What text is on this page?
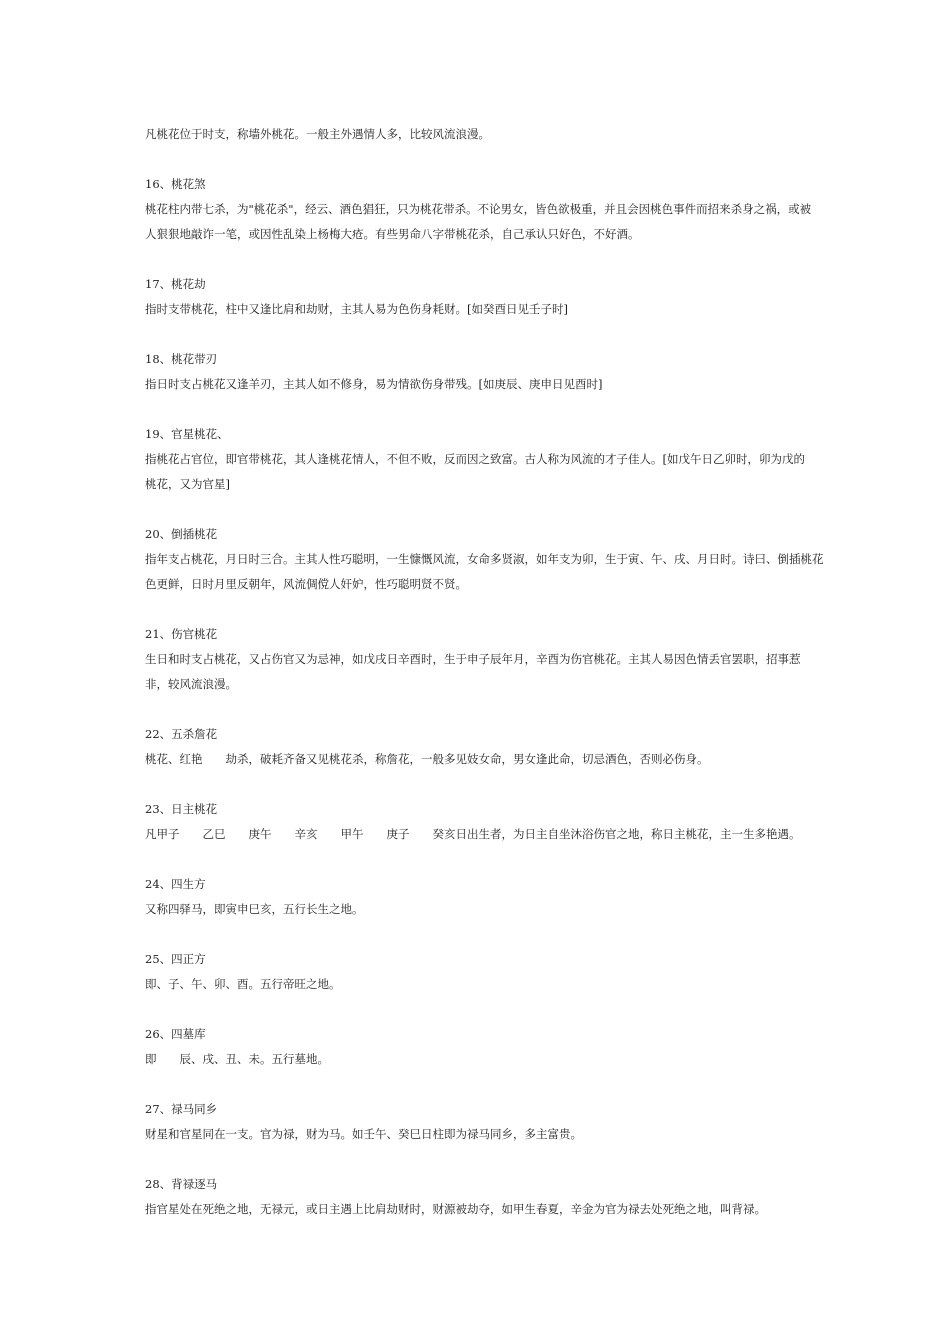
凡桃花位于时支，称墙外桃花。一般主外遇情人多，比较风流浪漫。
16、桃花煞
桃花柱内带七杀，为"桃花杀"，经云、酒色猖狂，只为桃花带杀。不论男女，皆色欲极重，并且会因桃色事件而招来杀身之祸，或被
人狠狠地敲诈一笔，或因性乱染上杨梅大疮。有些男命八字带桃花杀，自己承认只好色，不好酒。
17、桃花劫
指时支带桃花，柱中又逢比肩和劫财，主其人易为色伤身耗财。[如癸酉日见壬子时]
18、桃花带刃
指日时支占桃花又逢羊刃，主其人如不修身，易为情欲伤身带残。[如庚辰、庚申日见酉时]
19、官星桃花、
指桃花占官位，即官带桃花，其人逢桃花情人，不但不败，反而因之致富。古人称为风流的才子佳人。[如戊午日乙卯时，卯为戊的
桃花，又为官星]
20、倒插桃花
指年支占桃花，月日时三合。主其人性巧聪明，一生慷慨风流，女命多贤淑，如年支为卯，生于寅、午、戌、月日时。诗曰、倒插桃花
色更鲜，日时月里反朝年，风流倜傥人奸妒，性巧聪明贤不贤。
21、伤官桃花
生日和时支占桃花，又占伤官又为忌神，如戊戌日辛酉时，生于申子辰年月，辛酉为伤官桃花。主其人易因色情丢官罢职，招事惹
非，较风流浪漫。
22、五杀詹花
桃花、红艳　　劫杀，破耗齐备又见桃花杀，称詹花，一般多见妓女命，男女逢此命，切忌酒色，否则必伤身。
23、日主桃花
凡甲子　　乙巳　　庚午　　辛亥　　甲午　　庚子　　癸亥日出生者，为日主自坐沐浴伤官之地，称日主桃花，主一生多艳遇。
24、四生方
又称四驿马，即寅申巳亥，五行长生之地。
25、四正方
即、子、午、卯、酉。五行帝旺之地。
26、四墓库
即　　辰、戌、丑、未。五行墓地。
27、禄马同乡
财星和官星同在一支。官为禄，财为马。如壬午、癸巳日柱即为禄马同乡，多主富贵。
28、背禄逐马
指官星处在死绝之地，无禄元，或日主遇上比肩劫财时，财源被劫夺，如甲生春夏，辛金为官为禄去处死绝之地，叫背禄。
